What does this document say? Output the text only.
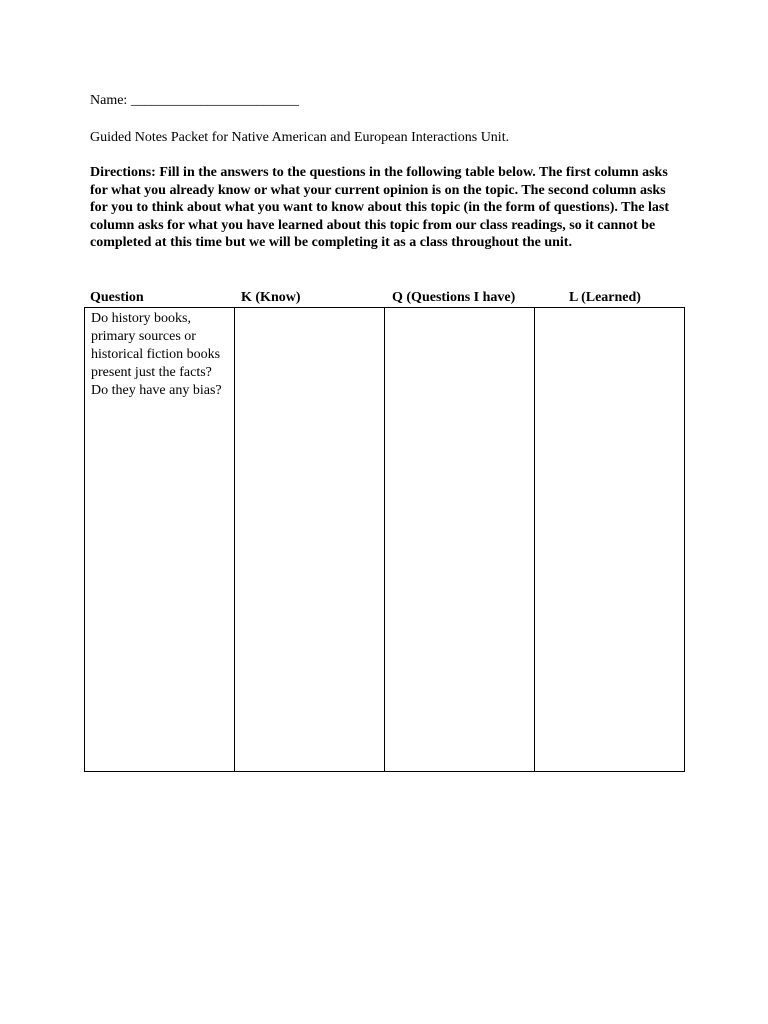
Name: ________________________
Guided Notes Packet for Native American and European Interactions Unit.

Directions: Fill in the answers to the questions in the following table below. The first column asks for what you already know or what your current opinion is on the topic. The second column asks for you to think about what you want to know about this topic (in the form of questions). The last column asks for what you have learned about this topic from our class readings, so it cannot be completed at this time but we will be completing it as a class throughout the unit.

Question	K (Know)	Q (Questions I have)	L (Learned)
Do history books, primary sources or historical fiction books present just the facts? Do they have any bias?			
